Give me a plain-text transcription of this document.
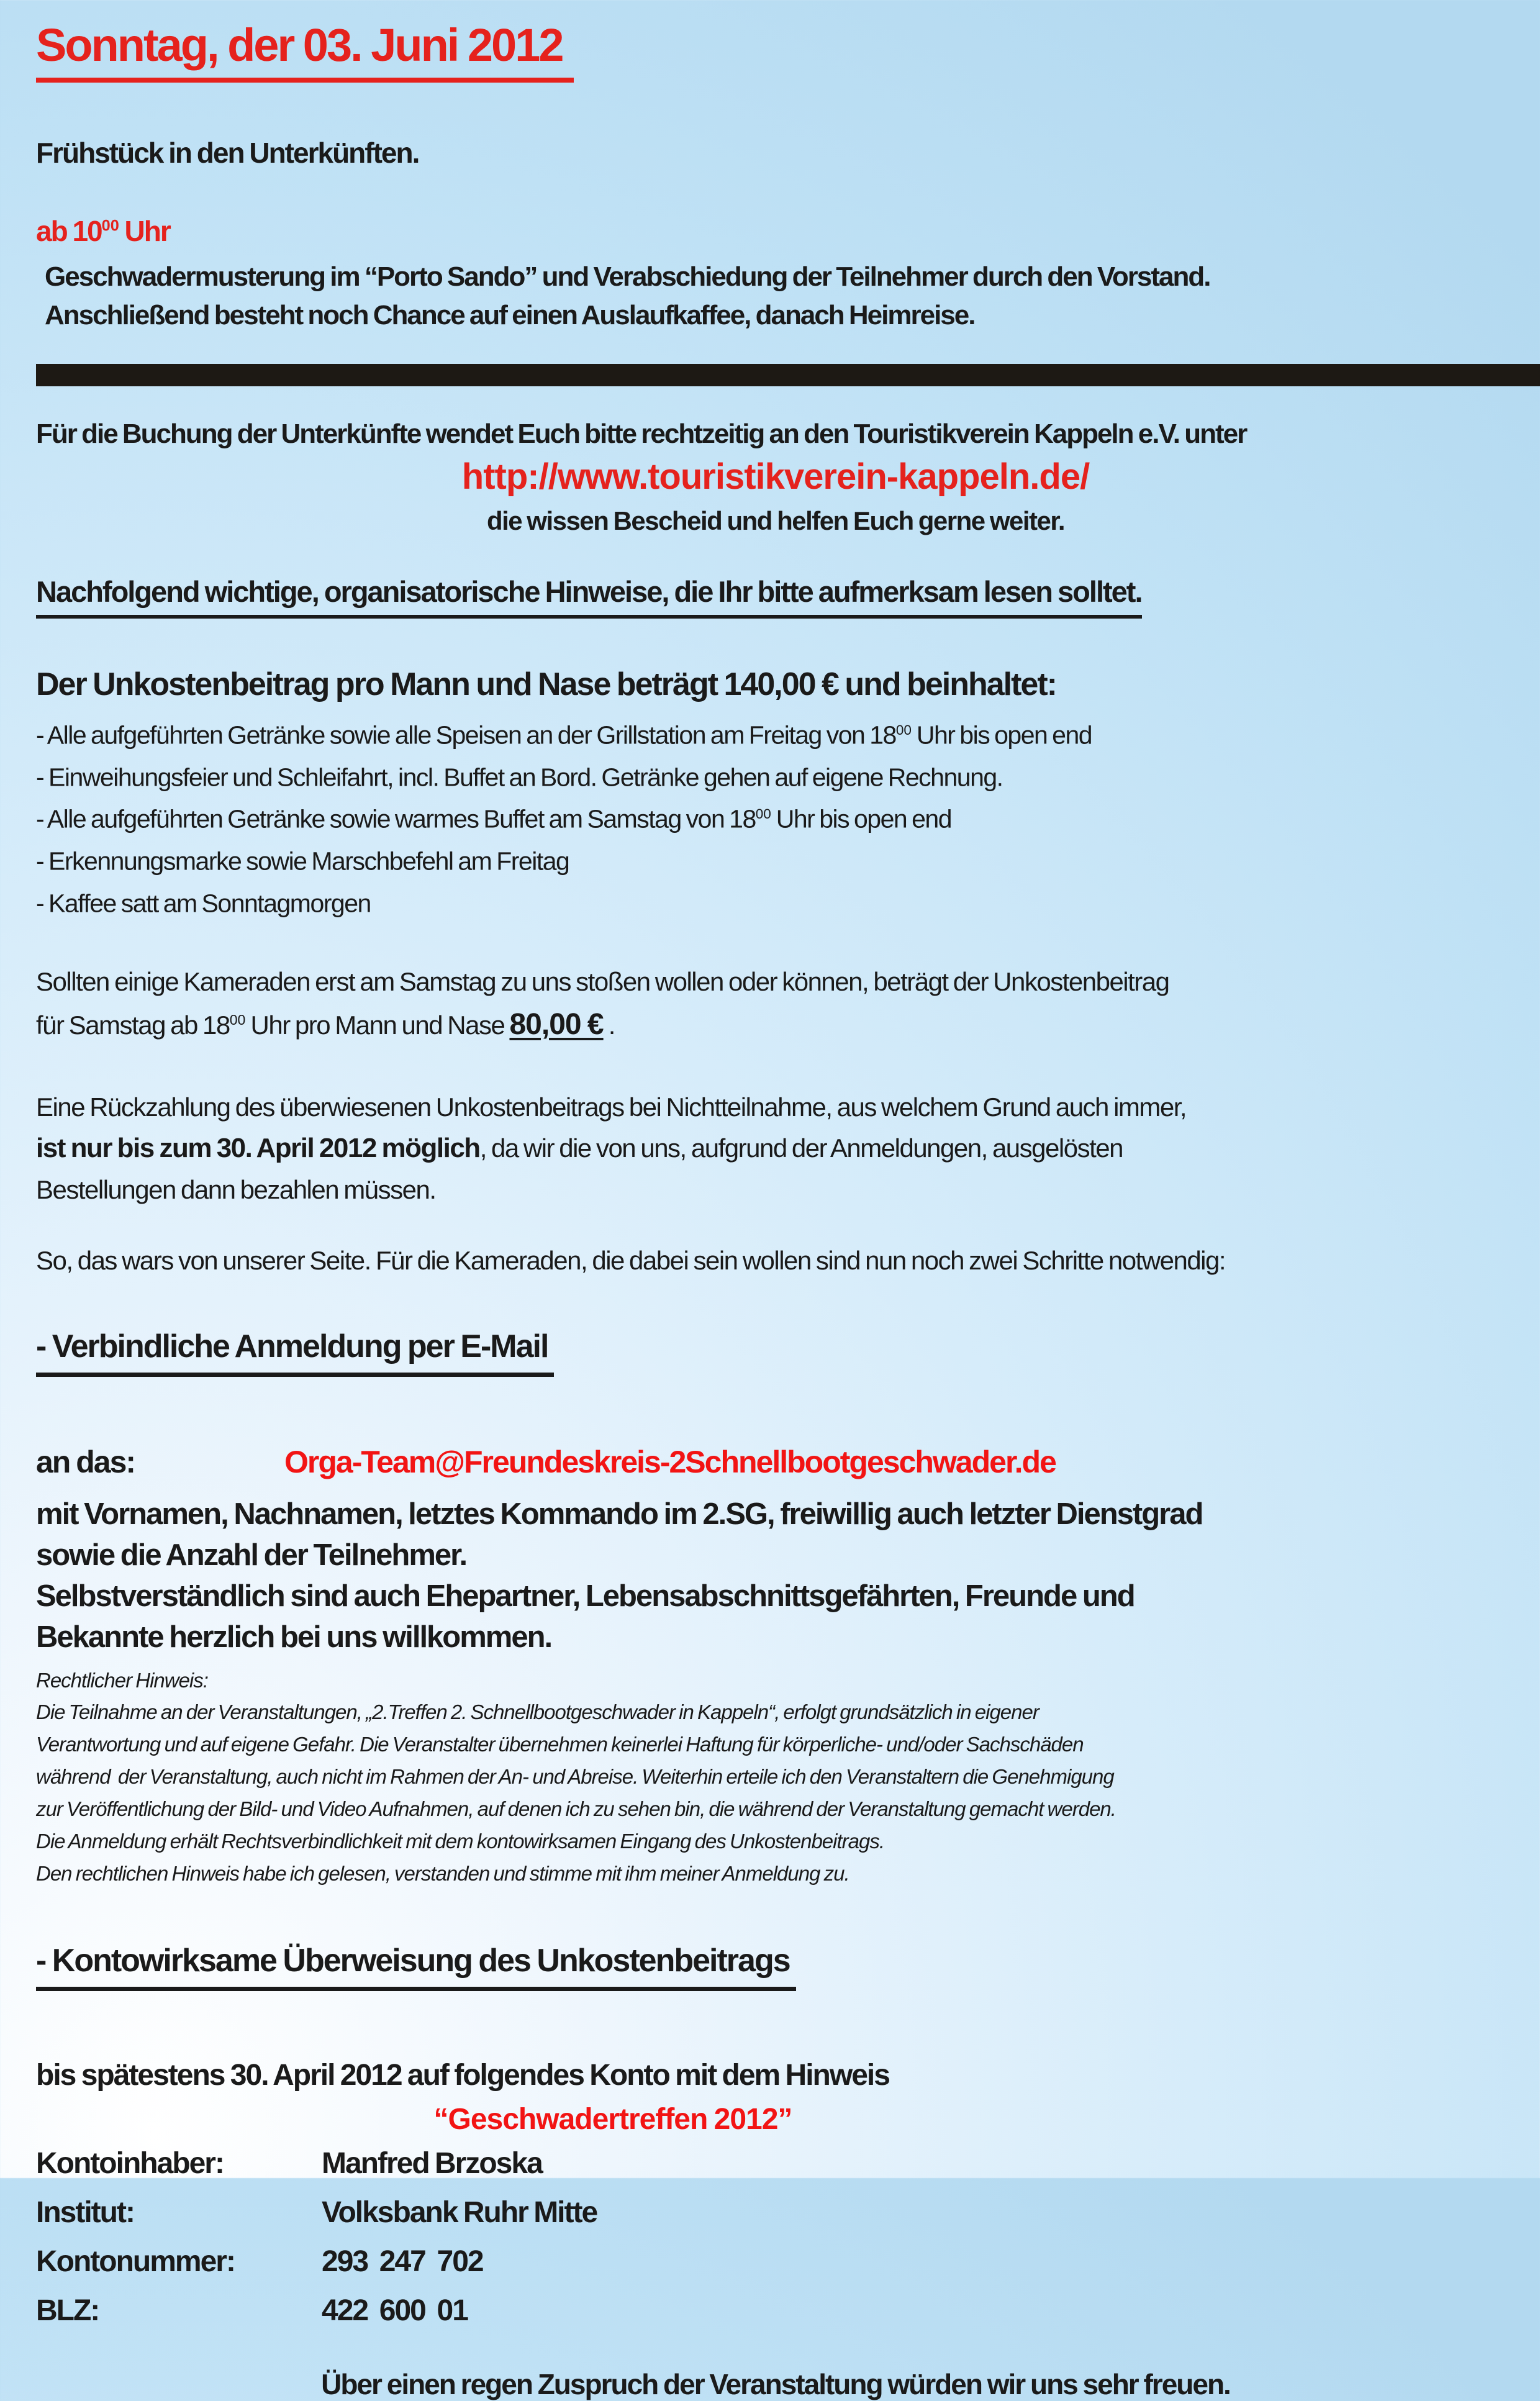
Sonntag, der 03. Juni 2012
Frühstück in den Unterkünften.
ab $10^{00}$ Uhr
Geschwadermusterung im “Porto Sando” und Verabschiedung der Teilnehmer durch den Vorstand.
Anschließend besteht noch Chance auf einen Auslaufkaffee, danach Heimreise.
Für die Buchung der Unterkünfte wendet Euch bitte rechtzeitig an den Touristikverein Kappeln e.V. unter
http://www.touristikverein-kappeln.de/
die wissen Bescheid und helfen Euch gerne weiter.
Nachfolgend wichtige, organisatorische Hinweise, die Ihr bitte aufmerksam lesen solltet.
Der Unkostenbeitrag pro Mann und Nase beträgt 140,00 € und beinhaltet:
- Alle aufgeführten Getränke sowie alle Speisen an der Grillstation am Freitag von $18^{00}$ Uhr bis open end
- Einweihungsfeier und Schleifahrt, incl. Buffet an Bord. Getränke gehen auf eigene Rechnung.
- Alle aufgeführten Getränke sowie warmes Buffet am Samstag von $18^{00}$ Uhr bis open end
- Erkennungsmarke sowie Marschbefehl am Freitag
- Kaffee satt am Sonntagmorgen
Sollten einige Kameraden erst am Samstag zu uns stoßen wollen oder können, beträgt der Unkostenbeitrag
für Samstag ab $18^{00}$ Uhr pro Mann und Nase 80,00 € .
Eine Rückzahlung des überwiesenen Unkostenbeitrags bei Nichtteilnahme, aus welchem Grund auch immer,
ist nur bis zum 30. April 2012 möglich, da wir die von uns, aufgrund der Anmeldungen, ausgelösten
Bestellungen dann bezahlen müssen.
So, das wars von unserer Seite. Für die Kameraden, die dabei sein wollen sind nun noch zwei Schritte notwendig:
- Verbindliche Anmeldung per E-Mail
an das:	Orga-Team@Freundeskreis-2Schnellbootgeschwader.de
mit Vornamen, Nachnamen, letztes Kommando im 2.SG, freiwillig auch letzter Dienstgrad
sowie die Anzahl der Teilnehmer.
Selbstverständlich sind auch Ehepartner, Lebensabschnittsgefährten, Freunde und
Bekannte herzlich bei uns willkommen.
Rechtlicher Hinweis:
Die Teilnahme an der Veranstaltungen, „2.Treffen 2. Schnellbootgeschwader in Kappeln“, erfolgt grundsätzlich in eigener
Verantwortung und auf eigene Gefahr. Die Veranstalter übernehmen keinerlei Haftung für körperliche- und/oder Sachschäden
während  der Veranstaltung, auch nicht im Rahmen der An- und Abreise. Weiterhin erteile ich den Veranstaltern die Genehmigung
zur Veröffentlichung der Bild- und Video Aufnahmen, auf denen ich zu sehen bin, die während der Veranstaltung gemacht werden.
Die Anmeldung erhält Rechtsverbindlichkeit mit dem kontowirksamen Eingang des Unkostenbeitrags.
Den rechtlichen Hinweis habe ich gelesen, verstanden und stimme mit ihm meiner Anmeldung zu.
- Kontowirksame Überweisung des Unkostenbeitrags
bis spätestens 30. April 2012 auf folgendes Konto mit dem Hinweis
“Geschwadertreffen 2012”
Kontoinhaber:	Manfred Brzoska
Institut:	Volksbank Ruhr Mitte
Kontonummer:	293  247  702
BLZ:	422  600  01
Über einen regen Zuspruch der Veranstaltung würden wir uns sehr freuen.
